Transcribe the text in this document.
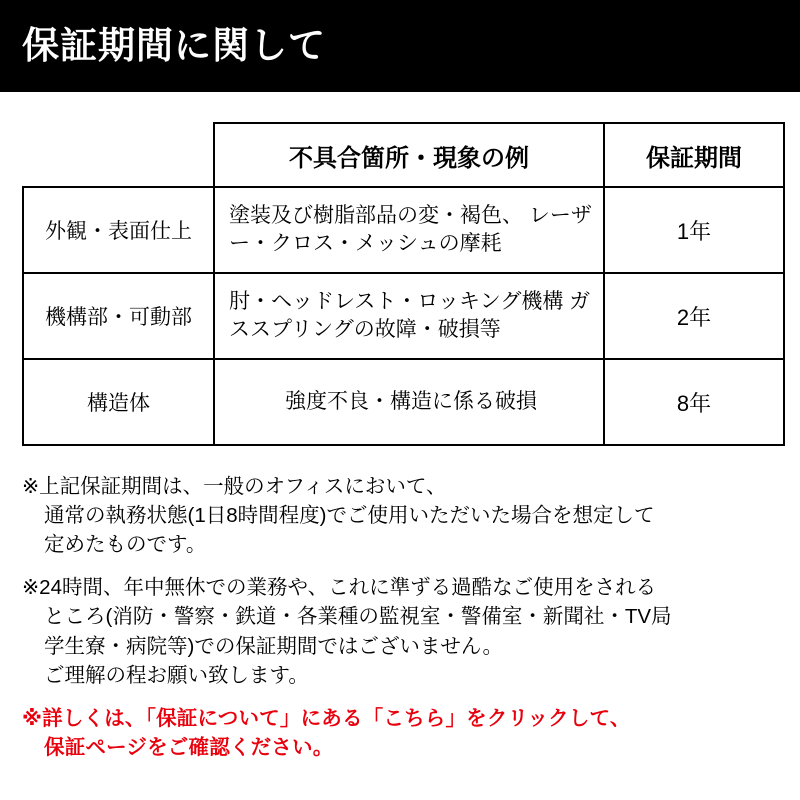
保証期間に関して
	不具合箇所・現象の例	保証期間
外観・表面仕上	塗装及び樹脂部品の変・褐色、 レーザー・クロス・メッシュの摩耗	1年
機構部・可動部	肘・ヘッドレスト・ロッキング機構 ガススプリングの故障・破損等	2年
構造体	強度不良・構造に係る破損	8年
※上記保証期間は、一般のオフィスにおいて、
通常の執務状態(1日8時間程度)でご使用いただいた場合を想定して
定めたものです。
※24時間、年中無休での業務や、これに準ずる過酷なご使用をされる
ところ(消防・警察・鉄道・各業種の監視室・警備室・新聞社・TV局
学生寮・病院等)での保証期間ではございません。
ご理解の程お願い致します。
※詳しくは、「保証について」にある「こちら」をクリックして、
保証ページをご確認ください。
